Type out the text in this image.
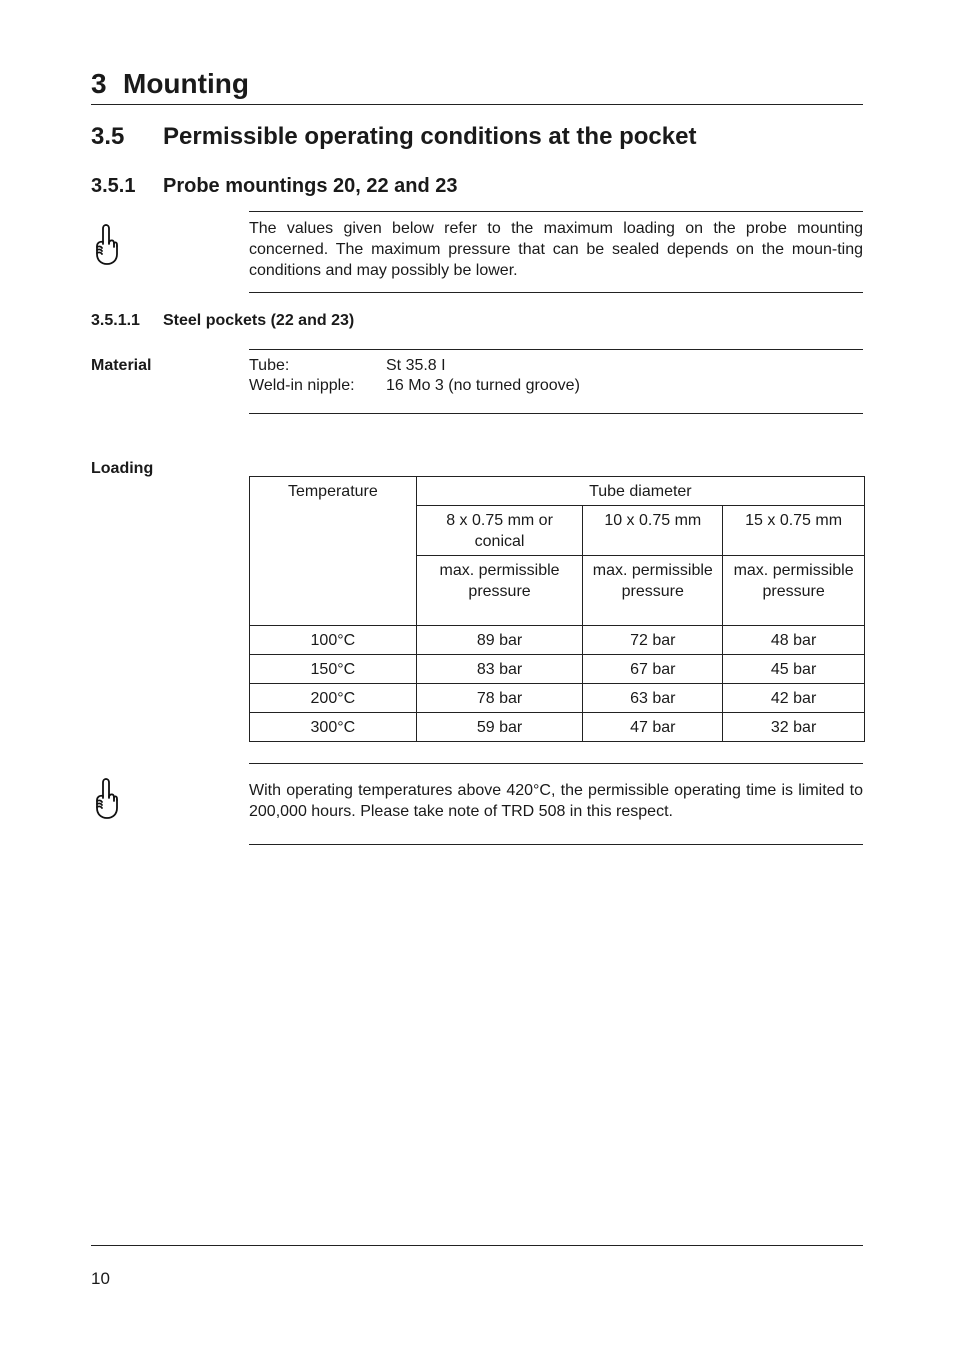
3 Mounting
3.5 Permissible operating conditions at the pocket
3.5.1 Probe mountings 20, 22 and 23
The values given below refer to the maximum loading on the probe mounting concerned. The maximum pressure that can be sealed depends on the moun-ting conditions and may possibly be lower.
3.5.1.1 Steel pockets (22 and 23)
Material	Tube:	St 35.8 I
Weld-in nipple: 16 Mo 3 (no turned groove)
Loading
Temperature	Tube diameter		
	8 x 0.75 mm or conical	10 x 0.75 mm	15 x 0.75 mm
	max. permissible pressure	max. permissible pressure	max. permissible pressure
100°C	89 bar	72 bar	48 bar
150°C	83 bar	67 bar	45 bar
200°C	78 bar	63 bar	42 bar
300°C	59 bar	47 bar	32 bar
With operating temperatures above 420°C, the permissible operating time is limited to 200,000 hours. Please take note of TRD 508 in this respect.
10
